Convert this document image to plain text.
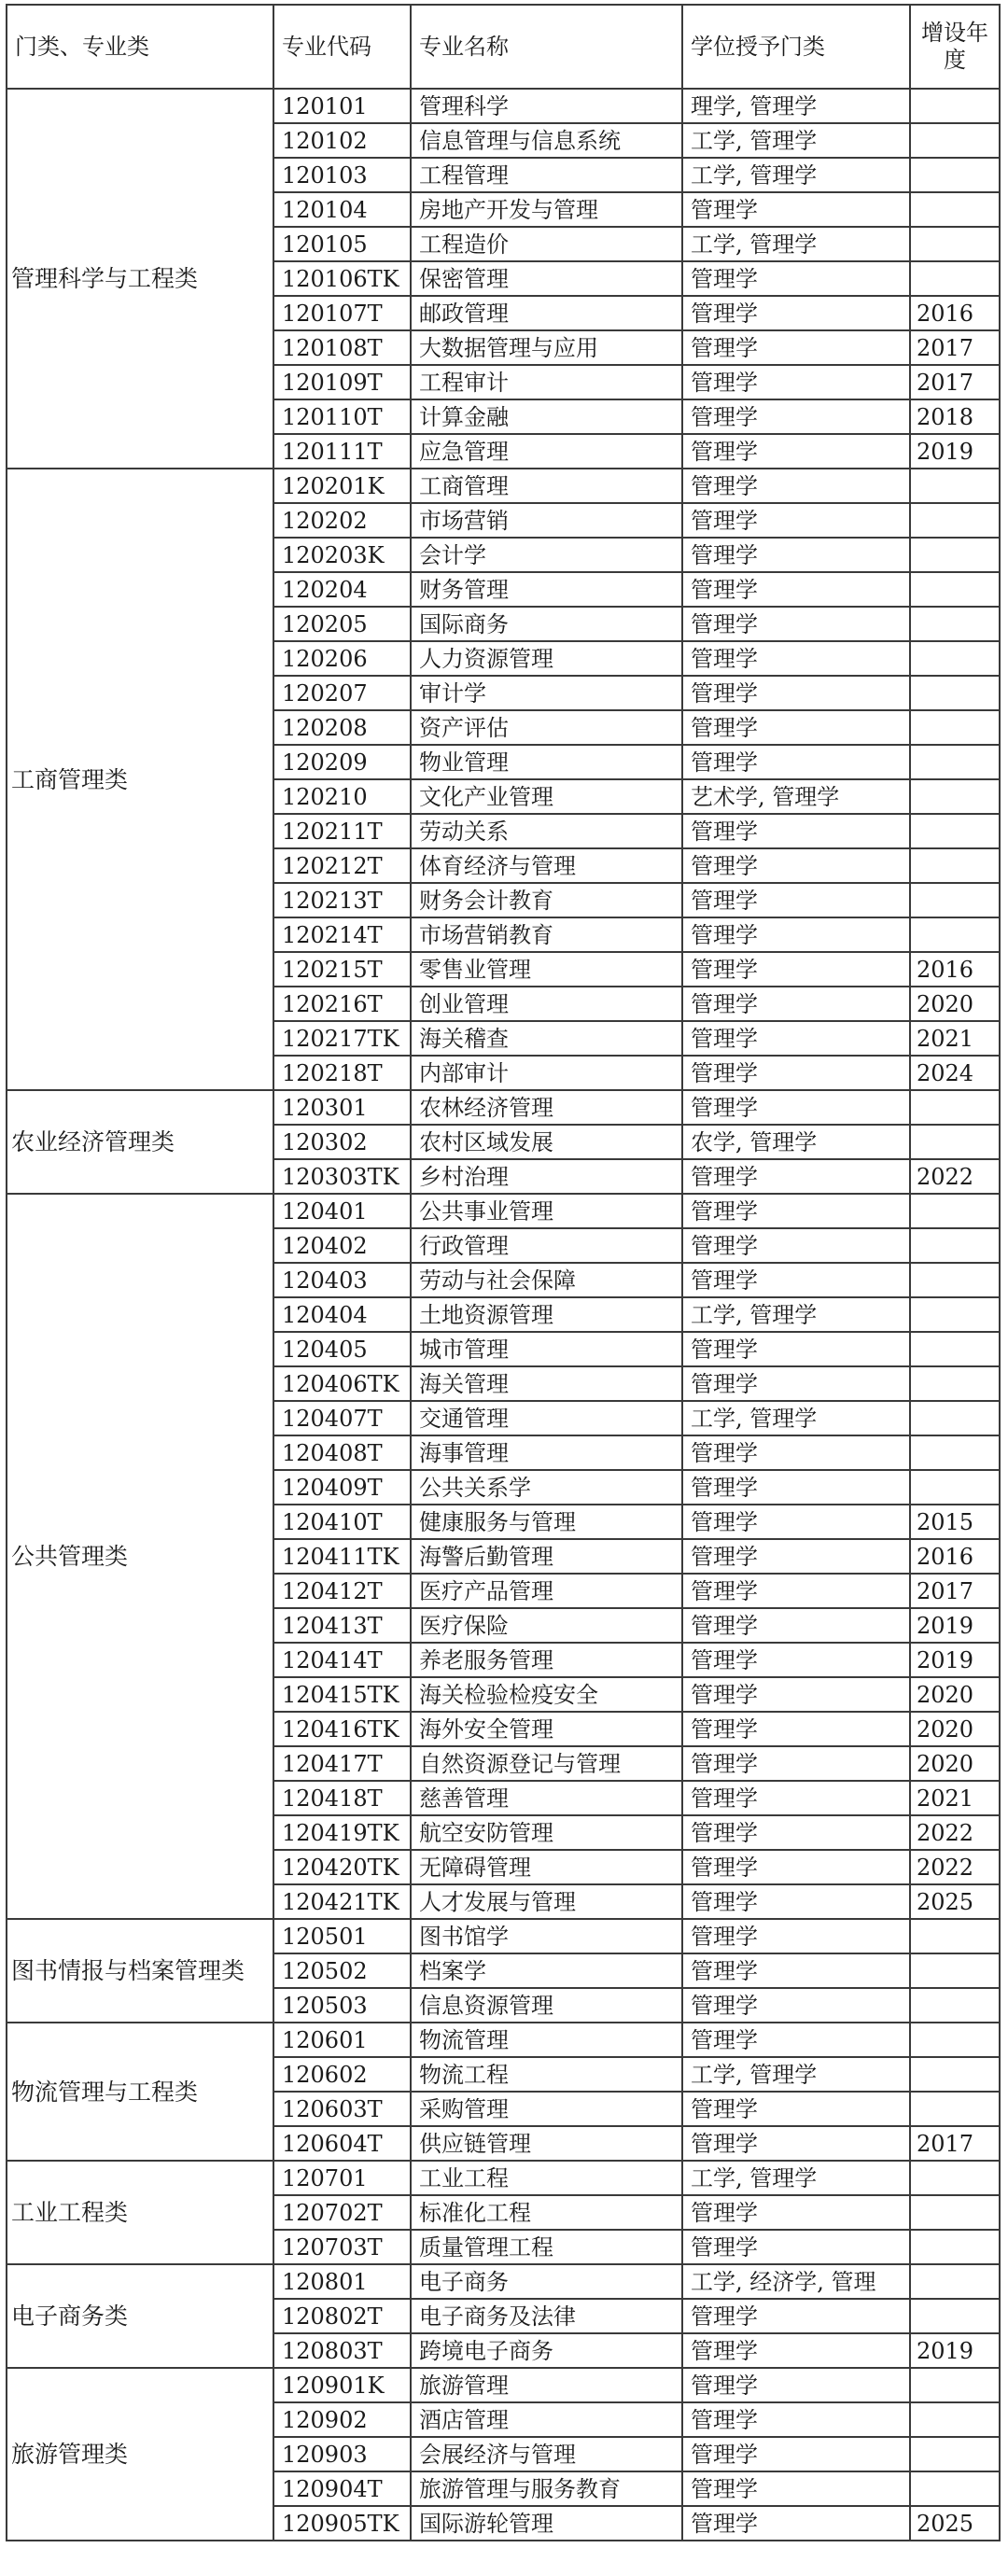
门类、专业类	专业代码	专业名称	学位授予门类	增设年度
管理科学与工程类	120101	管理科学	理学, 管理学	
	120102	信息管理与信息系统	工学, 管理学	
	120103	工程管理	工学, 管理学	
	120104	房地产开发与管理	管理学	
	120105	工程造价	工学, 管理学	
	120106TK	保密管理	管理学	
	120107T	邮政管理	管理学	2016
	120108T	大数据管理与应用	管理学	2017
	120109T	工程审计	管理学	2017
	120110T	计算金融	管理学	2018
	120111T	应急管理	管理学	2019
工商管理类	120201K	工商管理	管理学	
	120202	市场营销	管理学	
	120203K	会计学	管理学	
	120204	财务管理	管理学	
	120205	国际商务	管理学	
	120206	人力资源管理	管理学	
	120207	审计学	管理学	
	120208	资产评估	管理学	
	120209	物业管理	管理学	
	120210	文化产业管理	艺术学, 管理学	
	120211T	劳动关系	管理学	
	120212T	体育经济与管理	管理学	
	120213T	财务会计教育	管理学	
	120214T	市场营销教育	管理学	
	120215T	零售业管理	管理学	2016
	120216T	创业管理	管理学	2020
	120217TK	海关稽查	管理学	2021
	120218T	内部审计	管理学	2024
农业经济管理类	120301	农林经济管理	管理学	
	120302	农村区域发展	农学, 管理学	
	120303TK	乡村治理	管理学	2022
公共管理类	120401	公共事业管理	管理学	
	120402	行政管理	管理学	
	120403	劳动与社会保障	管理学	
	120404	土地资源管理	工学, 管理学	
	120405	城市管理	管理学	
	120406TK	海关管理	管理学	
	120407T	交通管理	工学, 管理学	
	120408T	海事管理	管理学	
	120409T	公共关系学	管理学	
	120410T	健康服务与管理	管理学	2015
	120411TK	海警后勤管理	管理学	2016
	120412T	医疗产品管理	管理学	2017
	120413T	医疗保险	管理学	2019
	120414T	养老服务管理	管理学	2019
	120415TK	海关检验检疫安全	管理学	2020
	120416TK	海外安全管理	管理学	2020
	120417T	自然资源登记与管理	管理学	2020
	120418T	慈善管理	管理学	2021
	120419TK	航空安防管理	管理学	2022
	120420TK	无障碍管理	管理学	2022
	120421TK	人才发展与管理	管理学	2025
图书情报与档案管理类	120501	图书馆学	管理学	
	120502	档案学	管理学	
	120503	信息资源管理	管理学	
物流管理与工程类	120601	物流管理	管理学	
	120602	物流工程	工学, 管理学	
	120603T	采购管理	管理学	
	120604T	供应链管理	管理学	2017
工业工程类	120701	工业工程	工学, 管理学	
	120702T	标准化工程	管理学	
	120703T	质量管理工程	管理学	
电子商务类	120801	电子商务	工学, 经济学, 管理	
	120802T	电子商务及法律	管理学	
	120803T	跨境电子商务	管理学	2019
旅游管理类	120901K	旅游管理	管理学	
	120902	酒店管理	管理学	
	120903	会展经济与管理	管理学	
	120904T	旅游管理与服务教育	管理学	
	120905TK	国际游轮管理	管理学	2025
